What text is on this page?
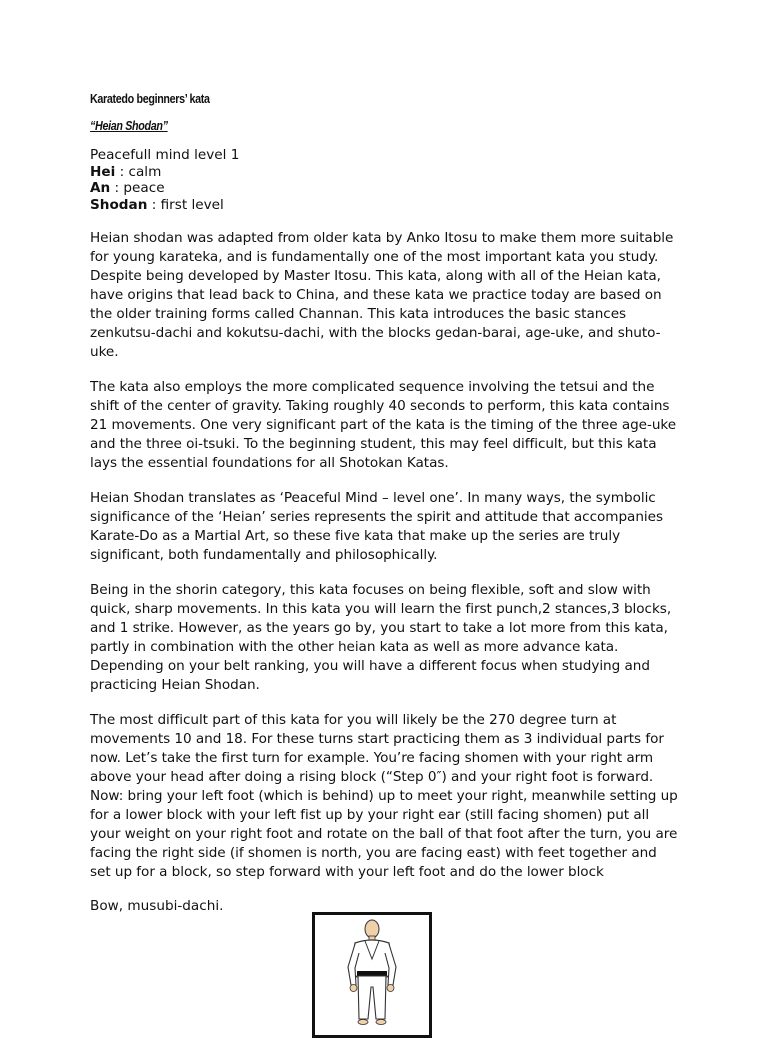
Karatedo beginners’ kata
“Heian Shodan”
Peacefull mind level 1
Hei : calm
An : peace
Shodan : first level

Heian shodan was adapted from older kata by Anko Itosu to make them more suitable for young karateka, and is fundamentally one of the most important kata you study. Despite being developed by Master Itosu. This kata, along with all of the Heian kata, have origins that lead back to China, and these kata we practice today are based on the older training forms called Channan. This kata introduces the basic stances zenkutsu-dachi and kokutsu-dachi, with the blocks gedan-barai, age-uke, and shuto-uke.

The kata also employs the more complicated sequence involving the tetsui and the shift of the center of gravity. Taking roughly 40 seconds to perform, this kata contains 21 movements. One very significant part of the kata is the timing of the three age-uke and the three oi-tsuki. To the beginning student, this may feel difficult, but this kata lays the essential foundations for all Shotokan Katas.

Heian Shodan translates as ‘Peaceful Mind – level one’. In many ways, the symbolic significance of the ‘Heian’ series represents the spirit and attitude that accompanies Karate-Do as a Martial Art, so these five kata that make up the series are truly significant, both fundamentally and philosophically.

Being in the shorin category, this kata focuses on being flexible, soft and slow with quick, sharp movements. In this kata you will learn the first punch,2 stances,3 blocks, and 1 strike. However, as the years go by, you start to take a lot more from this kata, partly in combination with the other heian kata as well as more advance kata. Depending on your belt ranking, you will have a different focus when studying and practicing Heian Shodan.

The most difficult part of this kata for you will likely be the 270 degree turn at movements 10 and 18. For these turns start practicing them as 3 individual parts for now. Let’s take the first turn for example. You’re facing shomen with your right arm above your head after doing a rising block (“Step 0″) and your right foot is forward. Now: bring your left foot (which is behind) up to meet your right, meanwhile setting up for a lower block with your left fist up by your right ear (still facing shomen) put all your weight on your right foot and rotate on the ball of that foot after the turn, you are facing the right side (if shomen is north, you are facing east) with feet together and set up for a block, so step forward with your left foot and do the lower block

Bow, musubi-dachi.
